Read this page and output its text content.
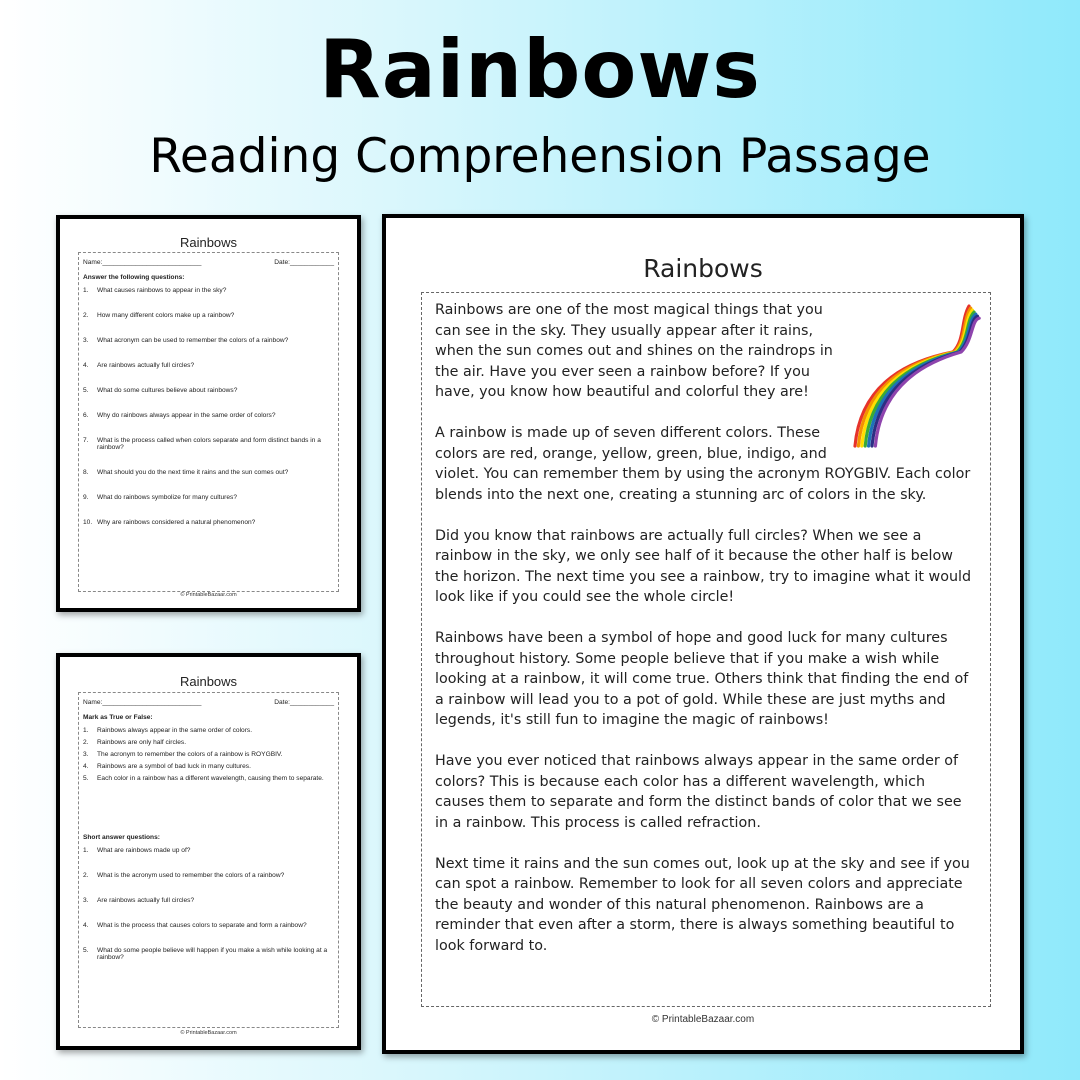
Rainbows
Reading Comprehension Passage
Rainbows
Name:___________________________	Date:____________
Answer the following questions:
1.	What causes rainbows to appear in the sky?
2.	How many different colors make up a rainbow?
3.	What acronym can be used to remember the colors of a rainbow?
4.	Are rainbows actually full circles?
5.	What do some cultures believe about rainbows?
6.	Why do rainbows always appear in the same order of colors?
7.	What is the process called when colors separate and form distinct bands in a rainbow?
8.	What should you do the next time it rains and the sun comes out?
9.	What do rainbows symbolize for many cultures?
10. Why are rainbows considered a natural phenomenon?
© PrintableBazaar.com
Rainbows
Name:___________________________	Date:____________
Mark as True or False:
1.	Rainbows always appear in the same order of colors.
2.	Rainbows are only half circles.
3.	The acronym to remember the colors of a rainbow is ROYGBIV.
4.	Rainbows are a symbol of bad luck in many cultures.
5.	Each color in a rainbow has a different wavelength, causing them to separate.
Short answer questions:
1.	What are rainbows made up of?
2.	What is the acronym used to remember the colors of a rainbow?
3.	Are rainbows actually full circles?
4.	What is the process that causes colors to separate and form a rainbow?
5.	What do some people believe will happen if you make a wish while looking at a rainbow?
© PrintableBazaar.com
Rainbows

Rainbows are one of the most magical things that you can see in the sky. They usually appear after it rains, when the sun comes out and shines on the raindrops in the air. Have you ever seen a rainbow before? If you have, you know how beautiful and colorful they are!

A rainbow is made up of seven different colors. These colors are red, orange, yellow, green, blue, indigo, and violet. You can remember them by using the acronym ROYGBIV. Each color blends into the next one, creating a stunning arc of colors in the sky.

Did you know that rainbows are actually full circles? When we see a rainbow in the sky, we only see half of it because the other half is below the horizon. The next time you see a rainbow, try to imagine what it would look like if you could see the whole circle!

Rainbows have been a symbol of hope and good luck for many cultures throughout history. Some people believe that if you make a wish while looking at a rainbow, it will come true. Others think that finding the end of a rainbow will lead you to a pot of gold. While these are just myths and legends, it's still fun to imagine the magic of rainbows!

Have you ever noticed that rainbows always appear in the same order of colors? This is because each color has a different wavelength, which causes them to separate and form the distinct bands of color that we see in a rainbow. This process is called refraction.

Next time it rains and the sun comes out, look up at the sky and see if you can spot a rainbow. Remember to look for all seven colors and appreciate the beauty and wonder of this natural phenomenon. Rainbows are a reminder that even after a storm, there is always something beautiful to look forward to.

© PrintableBazaar.com
